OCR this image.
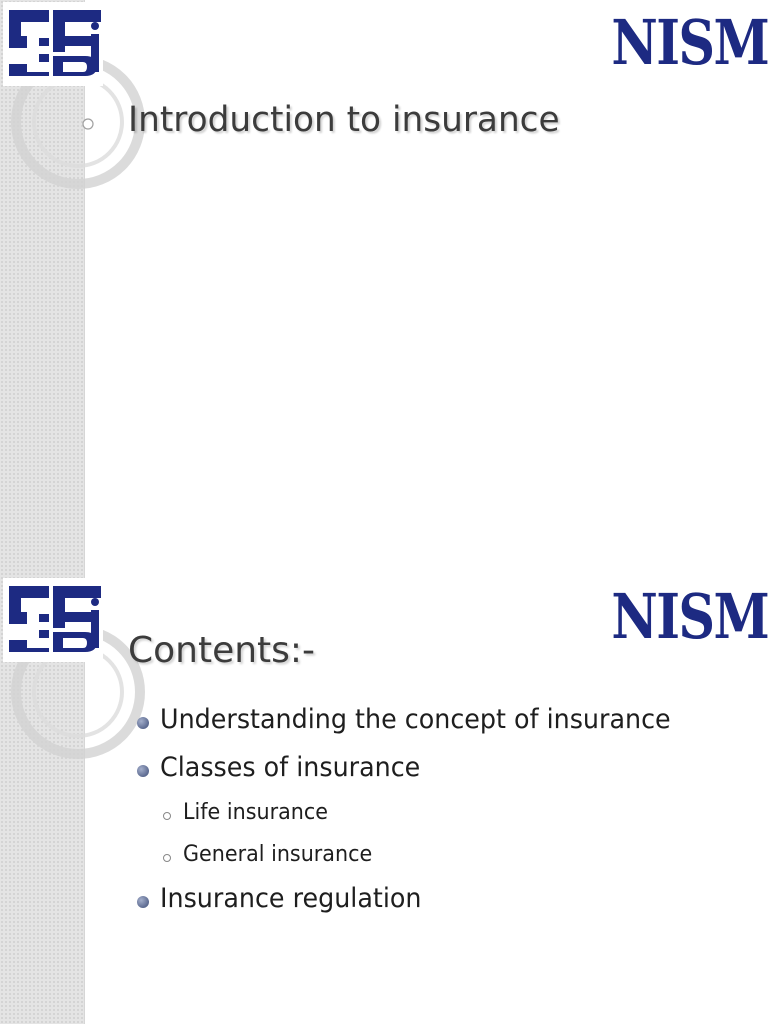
NISM
Introduction to insurance
NISM
Contents:-
Understanding the concept of insurance
Classes of insurance
Life insurance
General insurance
Insurance regulation
